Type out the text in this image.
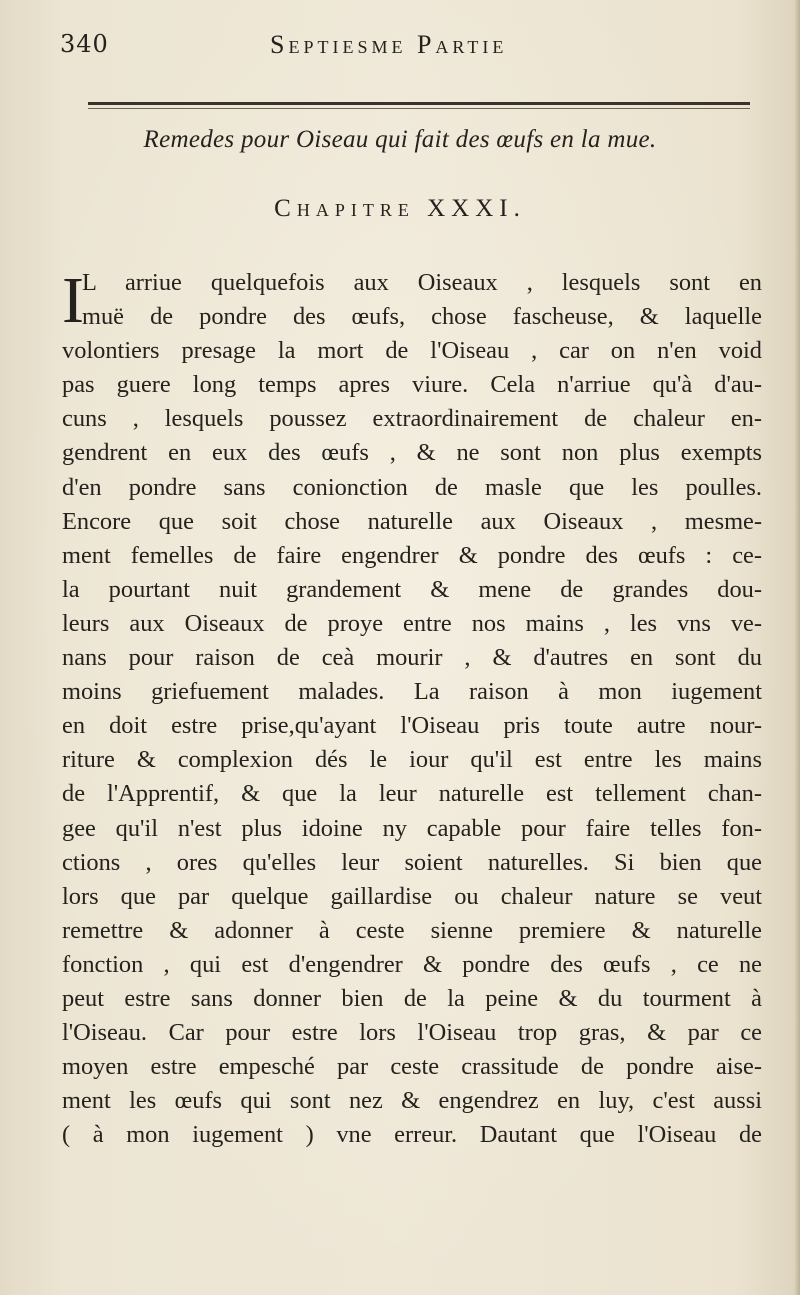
340	Septiesme Partie
Remedes pour Oiseau qui fait des œufs en la mue.
Chapitre XXXI.
I
L arriue quelquefois aux Oiseaux , lesquels sont en
muë de pondre des œufs, chose fascheuse, & laquelle
volontiers presage la mort de l'Oiseau , car on n'en void
pas guere long temps apres viure. Cela n'arriue qu'à d'au-
cuns , lesquels poussez extraordinairement de chaleur en-
gendrent en eux des œufs , & ne sont non plus exempts
d'en pondre sans conionction de masle que les poulles.
Encore que soit chose naturelle aux Oiseaux , mesme-
ment femelles de faire engendrer & pondre des œufs : ce-
la pourtant nuit grandement & mene de grandes dou-
leurs aux Oiseaux de proye entre nos mains , les vns ve-
nans pour raison de ceà mourir , & d'autres en sont du
moins griefuement malades. La raison à mon iugement
en doit estre prise,qu'ayant l'Oiseau pris toute autre nour-
riture & complexion dés le iour qu'il est entre les mains
de l'Apprentif, & que la leur naturelle est tellement chan-
gee qu'il n'est plus idoine ny capable pour faire telles fon-
ctions , ores qu'elles leur soient naturelles. Si bien que
lors que par quelque gaillardise ou chaleur nature se veut
remettre & adonner à ceste sienne premiere & naturelle
fonction , qui est d'engendrer & pondre des œufs , ce ne
peut estre sans donner bien de la peine & du tourment à
l'Oiseau. Car pour estre lors l'Oiseau trop gras, & par ce
moyen estre empesché par ceste crassitude de pondre aise-
ment les œufs qui sont nez & engendrez en luy, c'est aussi
( à mon iugement ) vne erreur. Dautant que l'Oiseau de
